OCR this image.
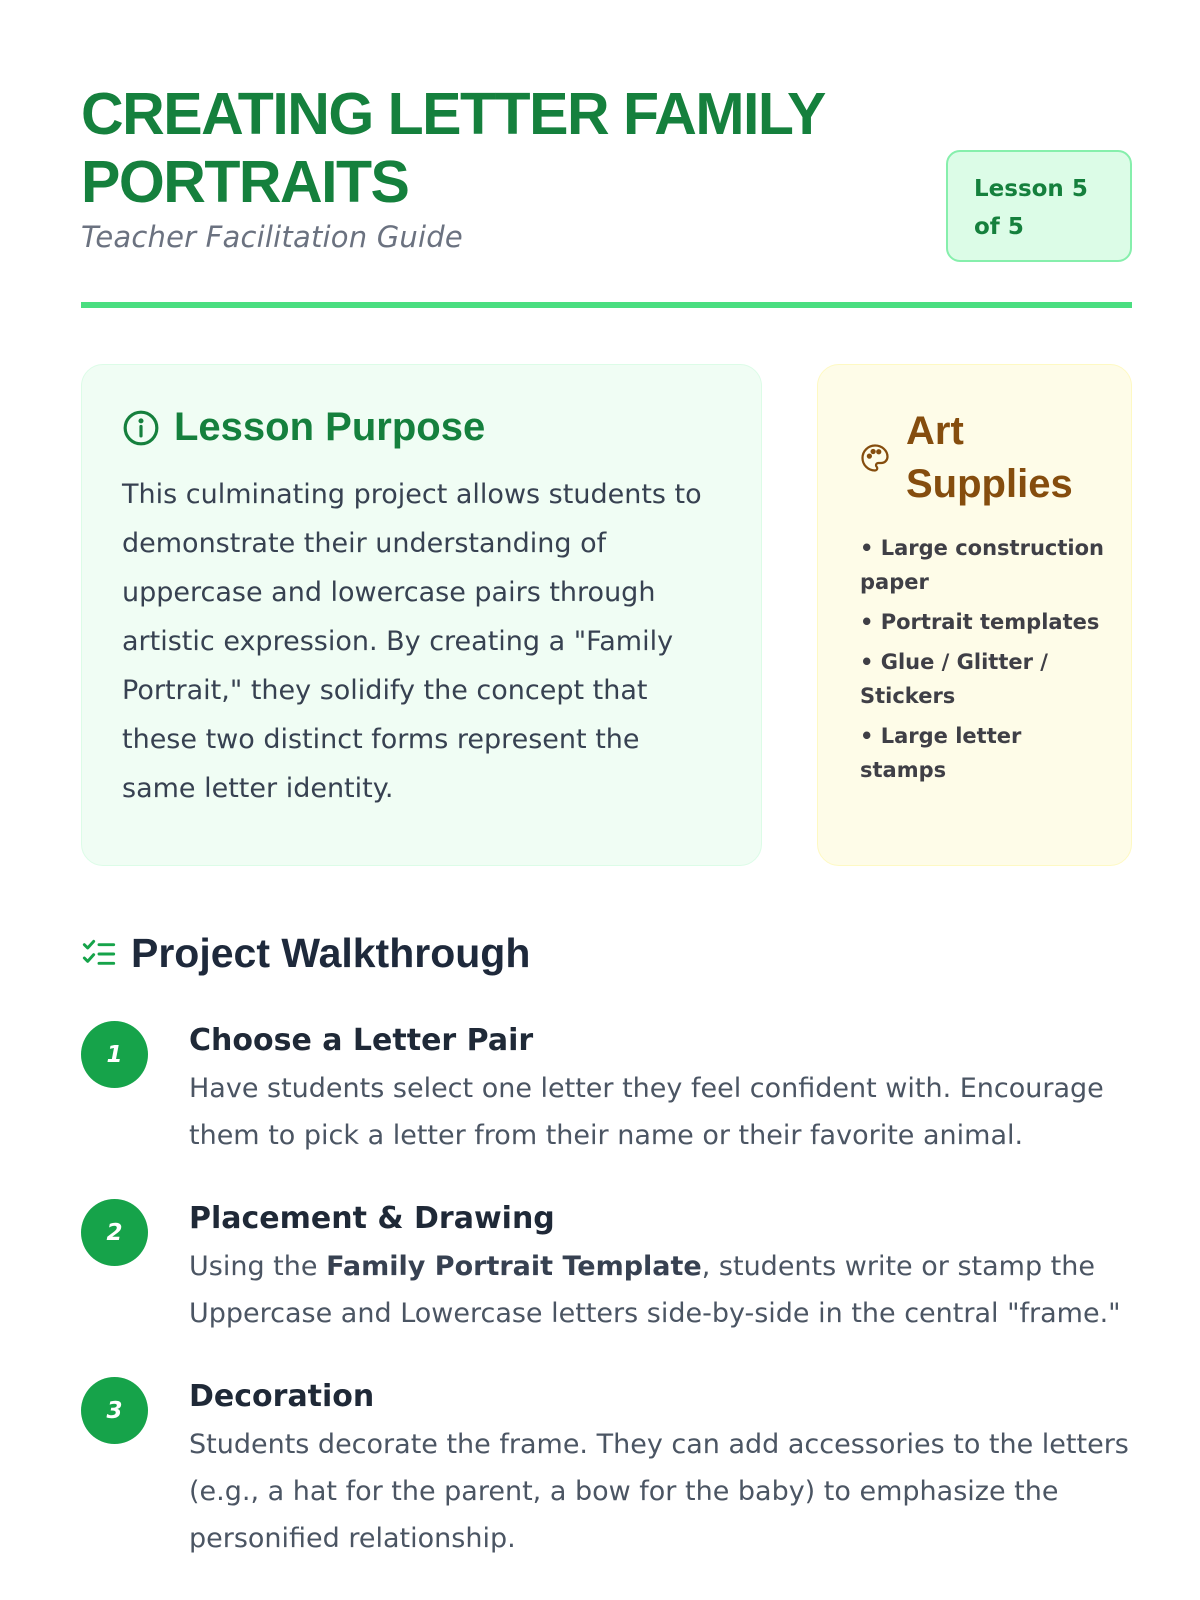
CREATING LETTER FAMILY PORTRAITS
Teacher Facilitation Guide
Lesson 5 of 5
Lesson Purpose

This culminating project allows students to demonstrate their understanding of uppercase and lowercase pairs through artistic expression. By creating a "Family Portrait," they solidify the concept that these two distinct forms represent the same letter identity.

Art Supplies
• Large construction paper
• Portrait templates
• Glue / Glitter / Stickers
• Large letter stamps
Project Walkthrough
1	Choose a Letter Pair

Have students select one letter they feel confident with. Encourage them to pick a letter from their name or their favorite animal.

2	Placement & Drawing

Using the Family Portrait Template, students write or stamp the Uppercase and Lowercase letters side-by-side in the central "frame."

3	Decoration

Students decorate the frame. They can add accessories to the letters (e.g., a hat for the parent, a bow for the baby) to emphasize the personified relationship.
